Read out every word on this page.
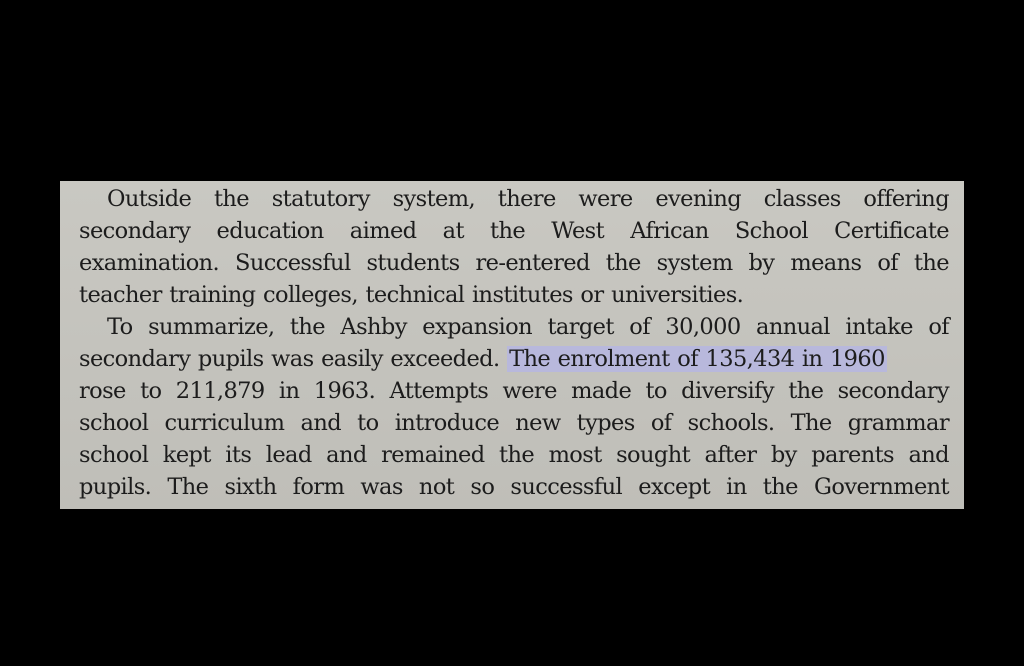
Outside the statutory system, there were evening classes offering
secondary education aimed at the West African School Certificate
examination. Successful students re-entered the system by means of the
teacher training colleges, technical institutes or universities.
To summarize, the Ashby expansion target of 30,000 annual intake of
secondary pupils was easily exceeded. The enrolment of 135,434 in 1960
rose to 211,879 in 1963. Attempts were made to diversify the secondary
school curriculum and to introduce new types of schools. The grammar
school kept its lead and remained the most sought after by parents and
pupils. The sixth form was not so successful except in the Government
